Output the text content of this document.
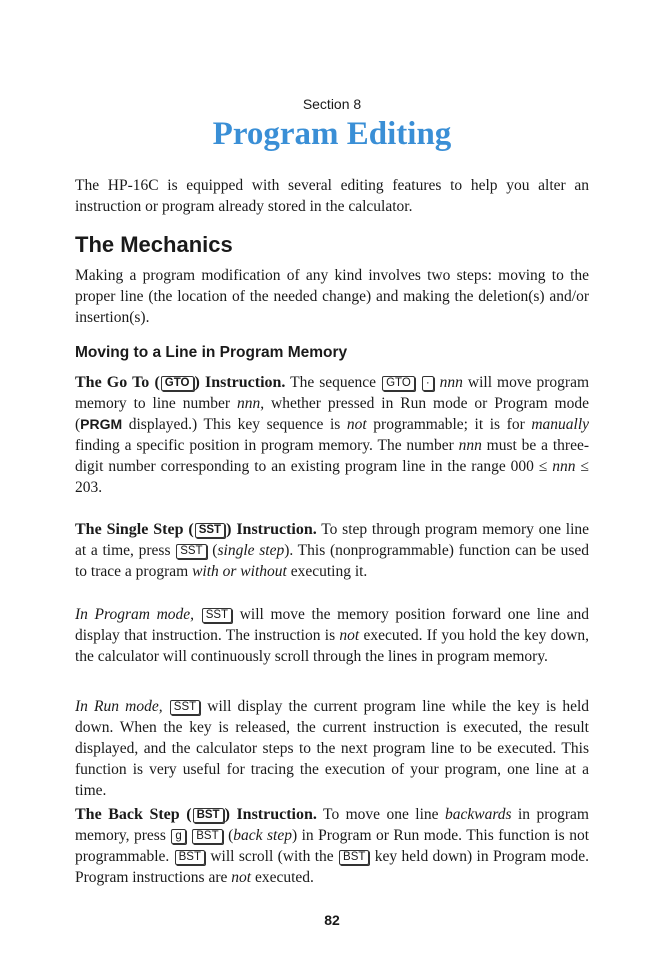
Section 8
Program Editing

The HP-16C is equipped with several editing features to help you alter an instruction or program already stored in the calculator.

The Mechanics

Making a program modification of any kind involves two steps: moving to the proper line (the location of the needed change) and making the deletion(s) and/or insertion(s).

Moving to a Line in Program Memory

The Go To ( GTO ) Instruction. The sequence GTO · nnn will move program memory to line number nnn, whether pressed in Run mode or Program mode (PRGM displayed.) This key sequence is not programmable; it is for manually finding a specific position in program memory. The number nnn must be a three-digit number corresponding to an existing program line in the range 000 ≤ nnn ≤ 203.

The Single Step ( SST ) Instruction. To step through program memory one line at a time, press SST (single step). This (nonprogrammable) function can be used to trace a program with or without executing it.

In Program mode, SST will move the memory position forward one line and display that instruction. The instruction is not executed. If you hold the key down, the calculator will continuously scroll through the lines in program memory.

In Run mode, SST will display the current program line while the key is held down. When the key is released, the current instruction is executed, the result displayed, and the calculator steps to the next program line to be executed. This function is very useful for tracing the execution of your program, one line at a time.

The Back Step ( BST ) Instruction. To move one line backwards in program memory, press g BST (back step) in Program or Run mode. This function is not programmable. BST will scroll (with the BST key held down) in Program mode. Program instructions are not executed.

82
